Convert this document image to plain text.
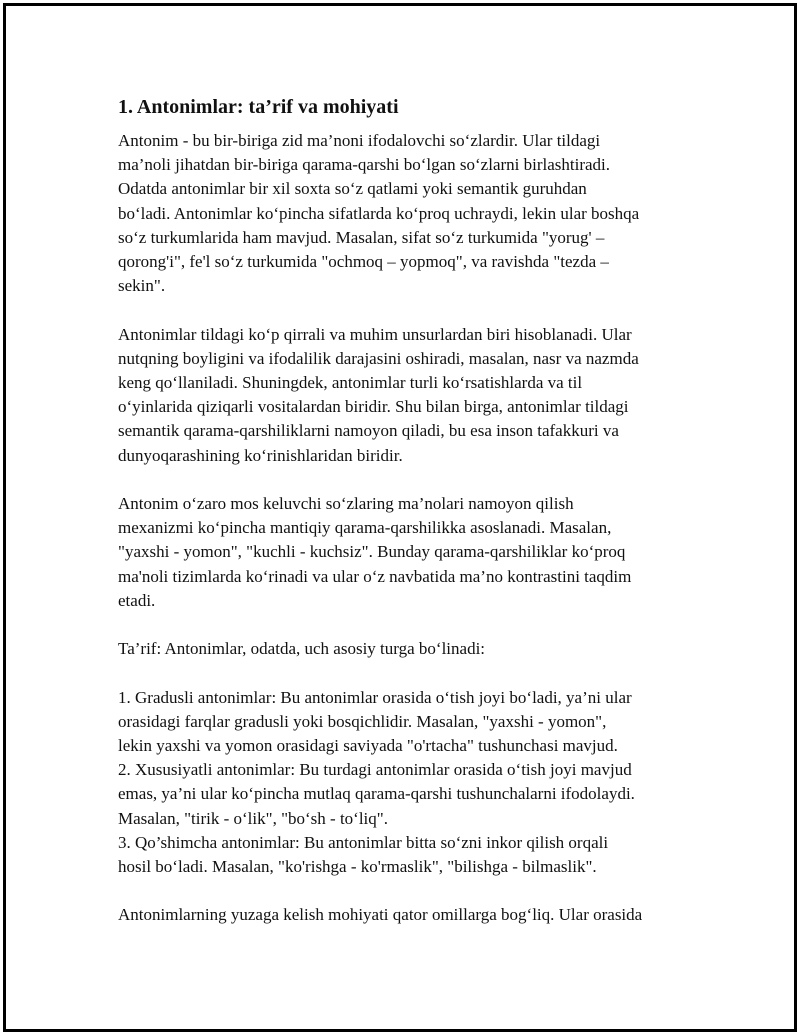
1. Antonimlar: ta’rif va mohiyati

Antonim - bu bir-biriga zid ma’noni ifodalovchi so‘zlardir. Ular tildagi
ma’noli jihatdan bir-biriga qarama-qarshi bo‘lgan so‘zlarni birlashtiradi.
Odatda antonimlar bir xil soxta so‘z qatlami yoki semantik guruhdan
bo‘ladi. Antonimlar ko‘pincha sifatlarda ko‘proq uchraydi, lekin ular boshqa
so‘z turkumlarida ham mavjud. Masalan, sifat so‘z turkumida "yorug' –
qorong'i", fe'l so‘z turkumida "ochmoq – yopmoq", va ravishda "tezda –
sekin".

Antonimlar tildagi ko‘p qirrali va muhim unsurlardan biri hisoblanadi. Ular
nutqning boyligini va ifodalilik darajasini oshiradi, masalan, nasr va nazmda
keng qo‘llaniladi. Shuningdek, antonimlar turli ko‘rsatishlarda va til
o‘yinlarida qiziqarli vositalardan biridir. Shu bilan birga, antonimlar tildagi
semantik qarama-qarshiliklarni namoyon qiladi, bu esa inson tafakkuri va
dunyoqarashining ko‘rinishlaridan biridir.

Antonim o‘zaro mos keluvchi so‘zlaring ma’nolari namoyon qilish
mexanizmi ko‘pincha mantiqiy qarama-qarshilikka asoslanadi. Masalan,
"yaxshi - yomon", "kuchli - kuchsiz". Bunday qarama-qarshiliklar ko‘proq
ma'noli tizimlarda ko‘rinadi va ular o‘z navbatida ma’no kontrastini taqdim
etadi.

Ta’rif: Antonimlar, odatda, uch asosiy turga bo‘linadi:

1. Gradusli antonimlar: Bu antonimlar orasida o‘tish joyi bo‘ladi, ya’ni ular
orasidagi farqlar gradusli yoki bosqichlidir. Masalan, "yaxshi - yomon",
lekin yaxshi va yomon orasidagi saviyada "o'rtacha" tushunchasi mavjud.
2. Xususiyatli antonimlar: Bu turdagi antonimlar orasida o‘tish joyi mavjud
emas, ya’ni ular ko‘pincha mutlaq qarama-qarshi tushunchalarni ifodolaydi.
Masalan, "tirik - o‘lik", "bo‘sh - to‘liq".
3. Qo’shimcha antonimlar: Bu antonimlar bitta so‘zni inkor qilish orqali
hosil bo‘ladi. Masalan, "ko'rishga - ko'rmaslik", "bilishga - bilmaslik".

Antonimlarning yuzaga kelish mohiyati qator omillarga bog‘liq. Ular orasida
